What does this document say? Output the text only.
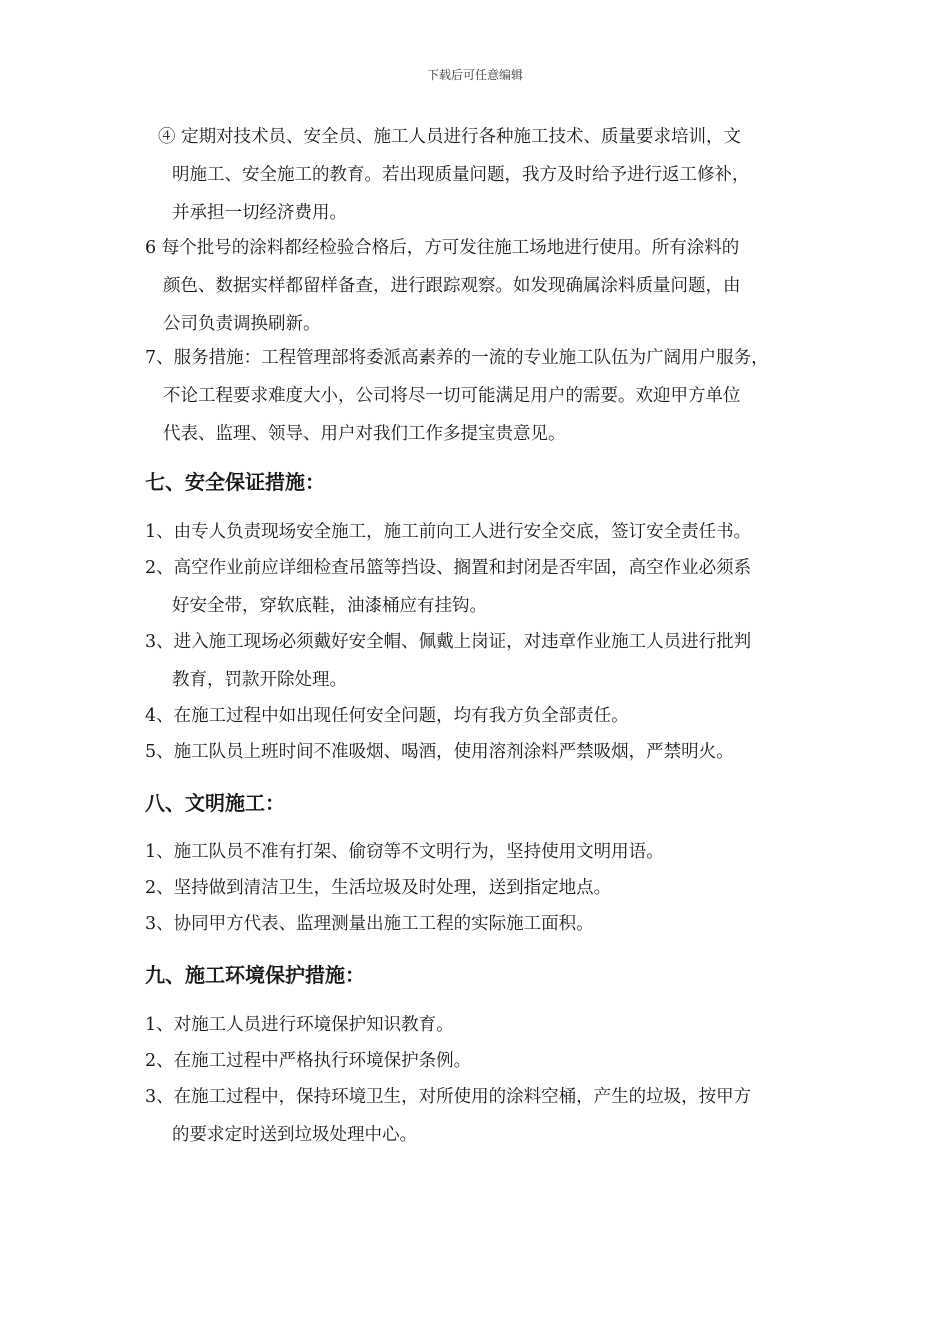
下载后可任意编辑
④ 定期对技术员、安全员、施工人员进行各种施工技术、质量要求培训，文
明施工、安全施工的教育。若出现质量问题，我方及时给予进行返工修补，
并承担一切经济费用。
6 每个批号的涂料都经检验合格后，方可发往施工场地进行使用。所有涂料的
颜色、数据实样都留样备查，进行跟踪观察。如发现确属涂料质量问题，由
公司负责调换刷新。
7、服务措施：工程管理部将委派高素养的一流的专业施工队伍为广阔用户服务，
不论工程要求难度大小，公司将尽一切可能满足用户的需要。欢迎甲方单位
代表、监理、领导、用户对我们工作多提宝贵意见。
七、安全保证措施：
1、由专人负责现场安全施工，施工前向工人进行安全交底，签订安全责任书。
2、高空作业前应详细检查吊篮等挡设、搁置和封闭是否牢固，高空作业必须系
好安全带，穿软底鞋，油漆桶应有挂钩。
3、进入施工现场必须戴好安全帽、佩戴上岗证，对违章作业施工人员进行批判
教育，罚款开除处理。
4、在施工过程中如出现任何安全问题，均有我方负全部责任。
5、施工队员上班时间不准吸烟、喝酒，使用溶剂涂料严禁吸烟，严禁明火。
八、文明施工：
1、施工队员不准有打架、偷窃等不文明行为，坚持使用文明用语。
2、坚持做到清洁卫生，生活垃圾及时处理，送到指定地点。
3、协同甲方代表、监理测量出施工工程的实际施工面积。
九、施工环境保护措施：
1、对施工人员进行环境保护知识教育。
2、在施工过程中严格执行环境保护条例。
3、在施工过程中，保持环境卫生，对所使用的涂料空桶，产生的垃圾，按甲方
的要求定时送到垃圾处理中心。
